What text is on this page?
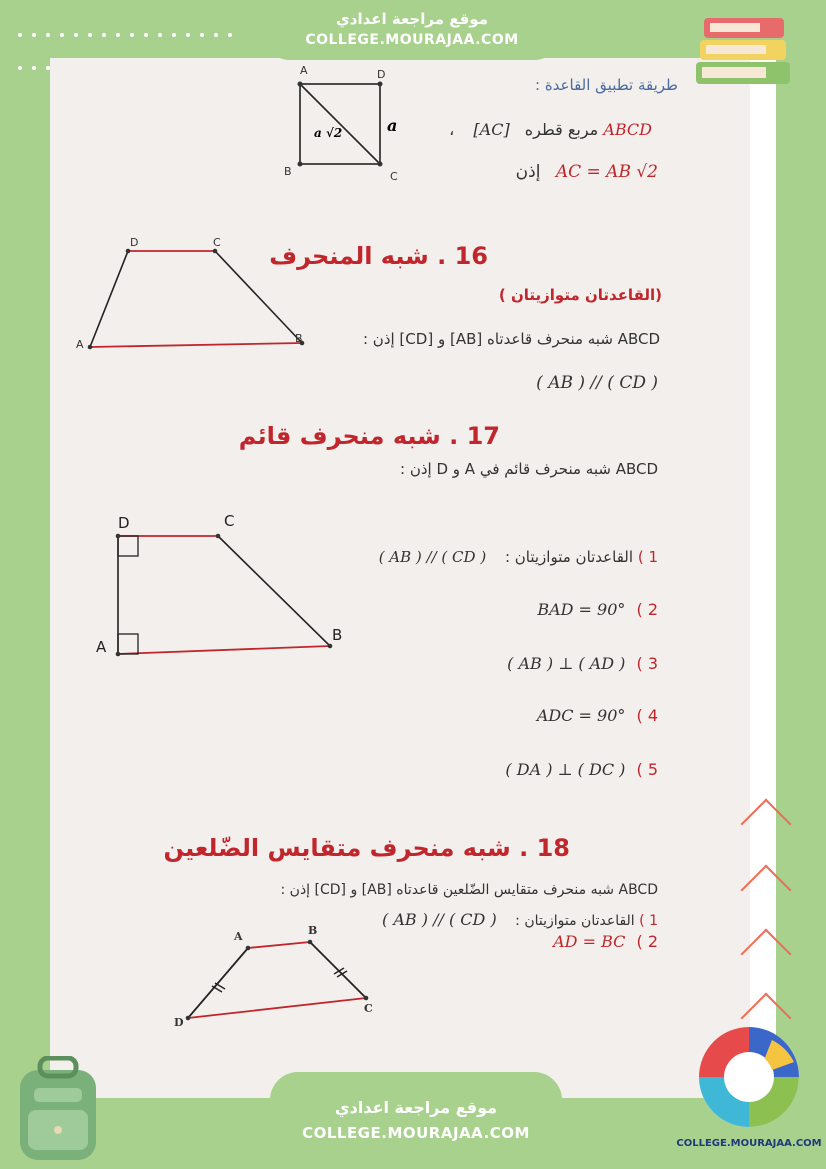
A	D
B	C
a
a √2
طريقة تطبيق القاعدة :
ABCD مربع قطره [AC] ،
AC = AB √2 إذن
D	C
A	B
16 . شبه المنحرف
(القاعدتان متوازيتان )
ABCD شبه منحرف قاعدتاه [AB] و [CD] إذن :
( AB ) // ( CD )
17 . شبه منحرف قائم
ABCD شبه منحرف قائم في A و D إذن :
D	C
A
B
1 ) القاعدتان متوازيتان : ( AB ) // ( CD )
2 ) BAD = 90°
3 ) ( AB ) ⊥ ( AD )
4 ) ADC = 90°
5 ) ( DA ) ⊥ ( DC )
18 . شبه منحرف متقايس الضّلعين
ABCD شبه منحرف متقايس الضّلعين قاعدتاه [AB] و [CD] إذن :
1 ) القاعدتان متوازيتان : ( AB ) // ( CD )
2 ) AD = BC
A	B
D
C
موقع مراجعة اعدادي
COLLEGE.MOURAJAA.COM
موقع مراجعة اعدادي
COLLEGE.MOURAJAA.COM
COLLEGE.MOURAJAA.COM
